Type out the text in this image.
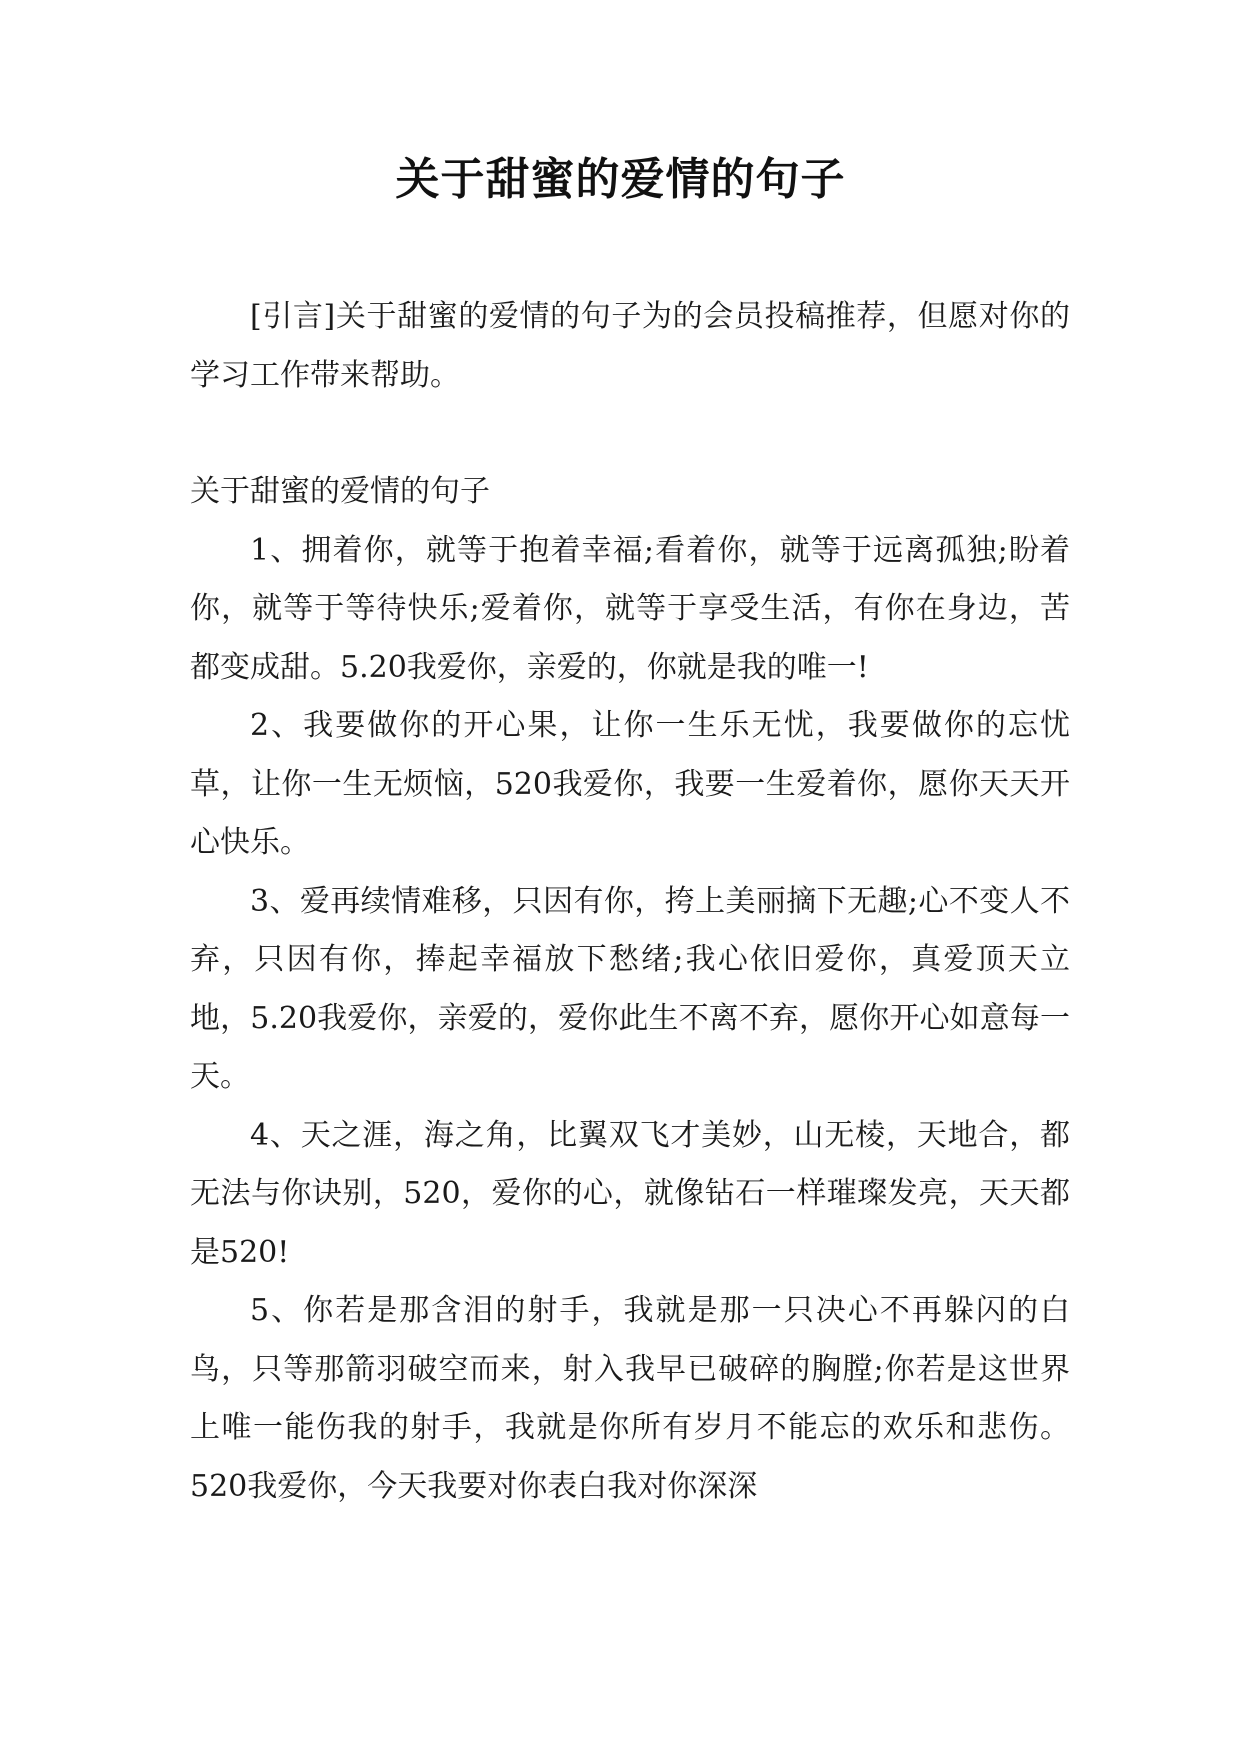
关于甜蜜的爱情的句子

[引言]关于甜蜜的爱情的句子为的会员投稿推荐，但愿对你的学习工作带来帮助。

关于甜蜜的爱情的句子

1、拥着你，就等于抱着幸福;看着你，就等于远离孤独;盼着你，就等于等待快乐;爱着你，就等于享受生活，有你在身边，苦都变成甜。5.20我爱你，亲爱的，你就是我的唯一!

2、我要做你的开心果，让你一生乐无忧，我要做你的忘忧草，让你一生无烦恼，520我爱你，我要一生爱着你，愿你天天开心快乐。

3、爱再续情难移，只因有你，挎上美丽摘下无趣;心不变人不弃，只因有你，捧起幸福放下愁绪;我心依旧爱你，真爱顶天立地，5.20我爱你，亲爱的，爱你此生不离不弃，愿你开心如意每一天。

4、天之涯，海之角，比翼双飞才美妙，山无棱，天地合，都无法与你诀别，520，爱你的心，就像钻石一样璀璨发亮，天天都是520!

5、你若是那含泪的射手，我就是那一只决心不再躲闪的白鸟，只等那箭羽破空而来，射入我早已破碎的胸膛;你若是这世界上唯一能伤我的射手，我就是你所有岁月不能忘的欢乐和悲伤。520我爱你，今天我要对你表白我对你深深
